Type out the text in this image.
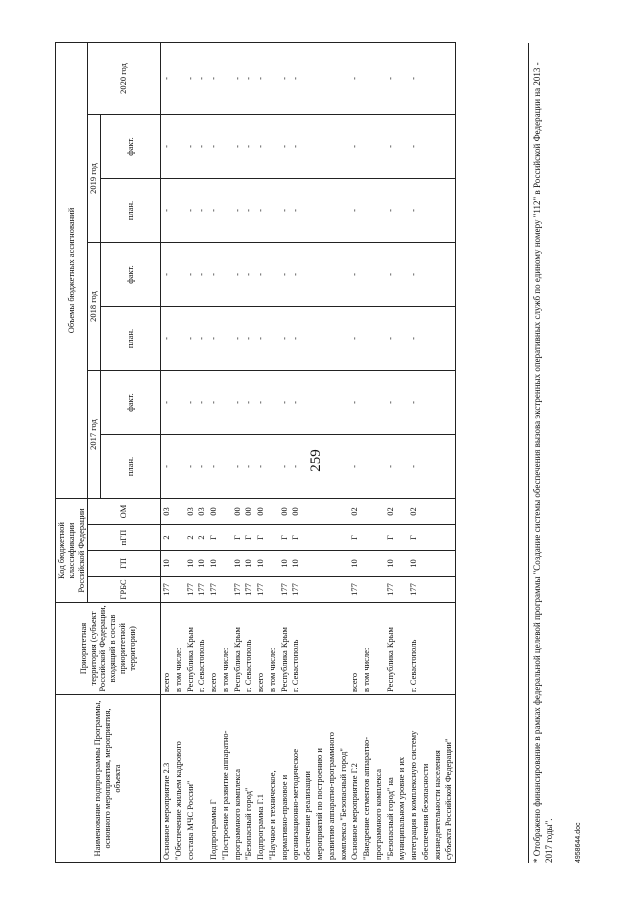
259
Наименование подпрограммы Программы, основного мероприятия, мероприятия, объекта	Приоритетная территория (субъект Российской Федерации, входящий в состав приоритетной территории)	Код бюджетной классификации Российской Федерации				Объемы бюджетных ассигнований						
		ГРБС	ГП	пГП	ОМ	2017 год		2018 год		2019 год		2020 год
						план.	факт.	план.	факт.	план.	факт.	
Основное мероприятие 2.3	всего	177	10	2	03	-	-	-	-	-	-	-
"Обеспечение жильем кадрового	в том числе:											
состава МЧС России"	Республика Крым	177	10	2	03	-	-	-	-	-	-	-
	г. Севастополь	177	10	2	03	-	-	-	-	-	-	-
Подпрограмма Г	всего	177	10	Г	00	-	-	-	-	-	-	-
"Построение и развитие аппаратно-	в том числе:											
программного комплекса	Республика Крым	177	10	Г	00	-	-	-	-	-	-	-
"Безопасный город"	г. Севастополь	177	10	Г	00	-	-	-	-	-	-	-
Подпрограмма Г.1	всего	177	10	Г	00	-	-	-	-	-	-	-
"Научное и техническое,	в том числе:											
нормативно-правовое и	Республика Крым	177	10	Г	00	-	-	-	-	-	-	-
организационно-методическое	г. Севастополь	177	10	Г	00	-	-	-	-	-	-	-
обеспечение реализации												
мероприятий по построению и												
развитию аппаратно-программного												
комплекса "Безопасный город"												
Основное мероприятие Г.2	всего	177	10	Г	02	-	-	-	-	-	-	-
"Внедрение сегментов аппаратно-	в том числе:											
программного комплекса												
"Безопасный город" на	Республика Крым	177	10	Г	02	-	-	-	-	-	-	-
муниципальном уровне и их												
интеграция в комплексную систему	г. Севастополь	177	10	Г	02	-	-	-	-	-	-	-
обеспечения безопасности												
жизнедеятельности населения												
субъекта Российской Федерации"													* Отображено финансирование в рамках федеральной целевой программы "Создание системы обеспечения вызова экстренных оперативных служб по единому номеру "112" в Российской Федерации на 2013 - 2017 годы".	4958644.doc
